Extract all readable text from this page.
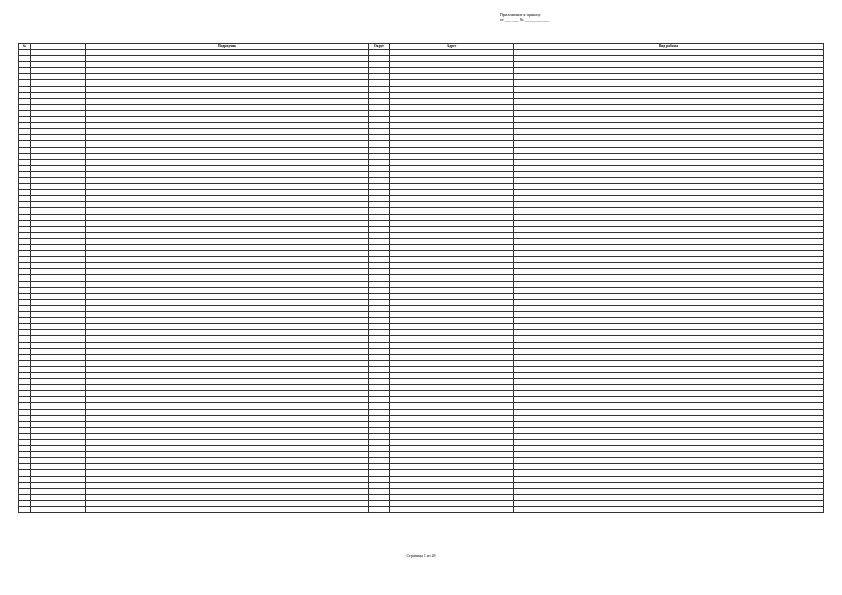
Приложение к приказу
от ___ ___ № ____________
№		Подрядчик	Округ	Адрес	Вид работы

Страница 1 из 28
